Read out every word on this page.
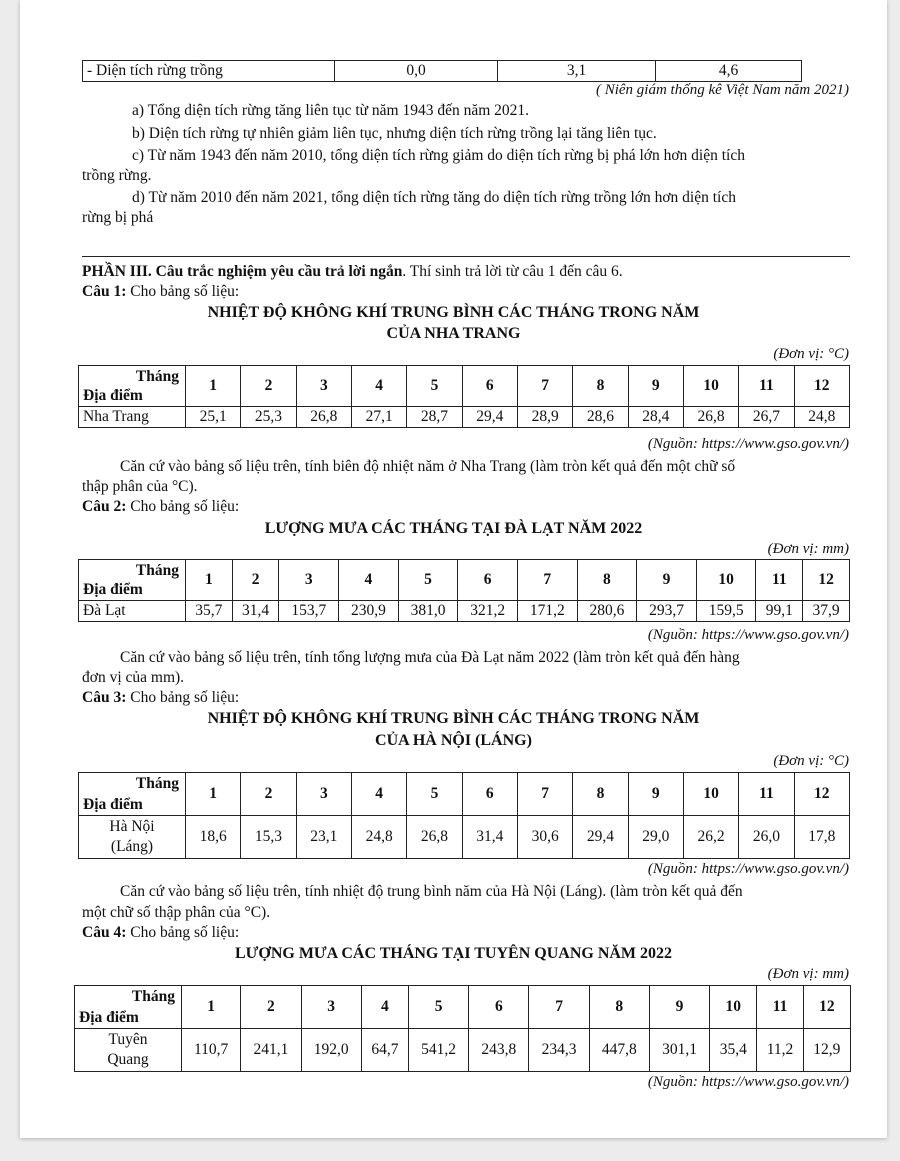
- Diện tích rừng trồng	0,0	3,1	4,6
( Niên giám thống kê Việt Nam năm 2021)
a) Tổng diện tích rừng tăng liên tục từ năm 1943 đến năm 2021.
b) Diện tích rừng tự nhiên giảm liên tục, nhưng diện tích rừng trồng lại tăng liên tục.
c) Từ năm 1943 đến năm 2010, tổng diện tích rừng giảm do diện tích rừng bị phá lớn hơn diện tích
trồng rừng.
d) Từ năm 2010 đến năm 2021, tổng diện tích rừng tăng do diện tích rừng trồng lớn hơn diện tích
rừng bị phá
PHẦN III. Câu trắc nghiệm yêu cầu trả lời ngắn. Thí sinh trả lời từ câu 1 đến câu 6.
Câu 1: Cho bảng số liệu:
NHIỆT ĐỘ KHÔNG KHÍ TRUNG BÌNH CÁC THÁNG TRONG NĂM
CỦA NHA TRANG
(Đơn vị: °C)
Tháng
Địa điểm	1	2	3	4	5	6	7	8	9	10	11	12
Nha Trang	25,1	25,3	26,8	27,1	28,7	29,4	28,9	28,6	28,4	26,8	26,7	24,8
(Nguồn: https://www.gso.gov.vn/)
Căn cứ vào bảng số liệu trên, tính biên độ nhiệt năm ở Nha Trang (làm tròn kết quả đến một chữ số
thập phân của °C).
Câu 2: Cho bảng số liệu:
LƯỢNG MƯA CÁC THÁNG TẠI ĐÀ LẠT NĂM 2022
(Đơn vị: mm)
Tháng
Địa điểm	1	2	3	4	5	6	7	8	9	10	11	12
Đà Lạt	35,7	31,4	153,7	230,9	381,0	321,2	171,2	280,6	293,7	159,5	99,1	37,9
(Nguồn: https://www.gso.gov.vn/)
Căn cứ vào bảng số liệu trên, tính tổng lượng mưa của Đà Lạt năm 2022 (làm tròn kết quả đến hàng
đơn vị của mm).
Câu 3: Cho bảng số liệu:
NHIỆT ĐỘ KHÔNG KHÍ TRUNG BÌNH CÁC THÁNG TRONG NĂM
CỦA HÀ NỘI (LÁNG)
(Đơn vị: °C)
Tháng
Địa điểm	1	2	3	4	5	6	7	8	9	10	11	12

Hà Nội
(Láng)	18,6	15,3	23,1	24,8	26,8	31,4	30,6	29,4	29,0	26,2	26,0	17,8
(Nguồn: https://www.gso.gov.vn/)
Căn cứ vào bảng số liệu trên, tính nhiệt độ trung bình năm của Hà Nội (Láng). (làm tròn kết quả đến
một chữ số thập phân của °C).
Câu 4: Cho bảng số liệu:
LƯỢNG MƯA CÁC THÁNG TẠI TUYÊN QUANG NĂM 2022
(Đơn vị: mm)
Tháng
Địa điểm	1	2	3	4	5	6	7	8	9	10	11	12

Tuyên
Quang	110,7	241,1	192,0	64,7	541,2	243,8	234,3	447,8	301,1	35,4	11,2	12,9
(Nguồn: https://www.gso.gov.vn/)
